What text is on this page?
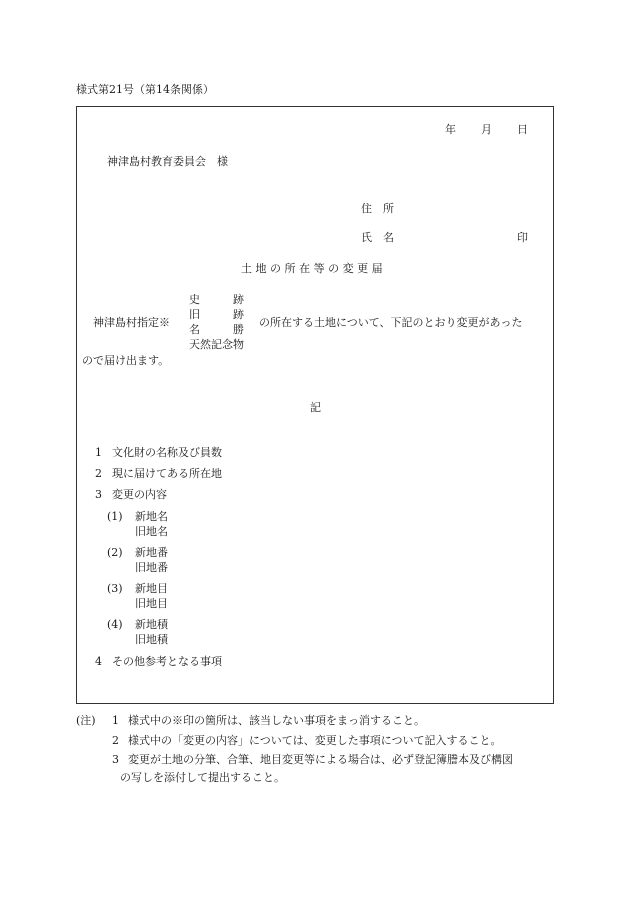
様式第21号（第14条関係）
年 月 日
神津島村教育委員会　様
住　所
氏　名	印
土地の所在等の変更届
神津島村指定※
史　　　跡
旧　　　跡
名　　　勝
天然記念物
の所在する土地について、下記のとおり変更があった
ので届け出ます。
記
1 文化財の名称及び員数
2 現に届けてある所在地
3 変更の内容
(1) 新地名
旧地名
(2) 新地番
旧地番
(3) 新地目
旧地目
(4) 新地積
旧地積
4 その他参考となる事項
(注) 1 様式中の※印の箇所は、該当しない事項をまっ消すること。
2 様式中の「変更の内容」については、変更した事項について記入すること。
3 変更が土地の分筆、合筆、地目変更等による場合は、必ず登記簿謄本及び構図
の写しを添付して提出すること。
